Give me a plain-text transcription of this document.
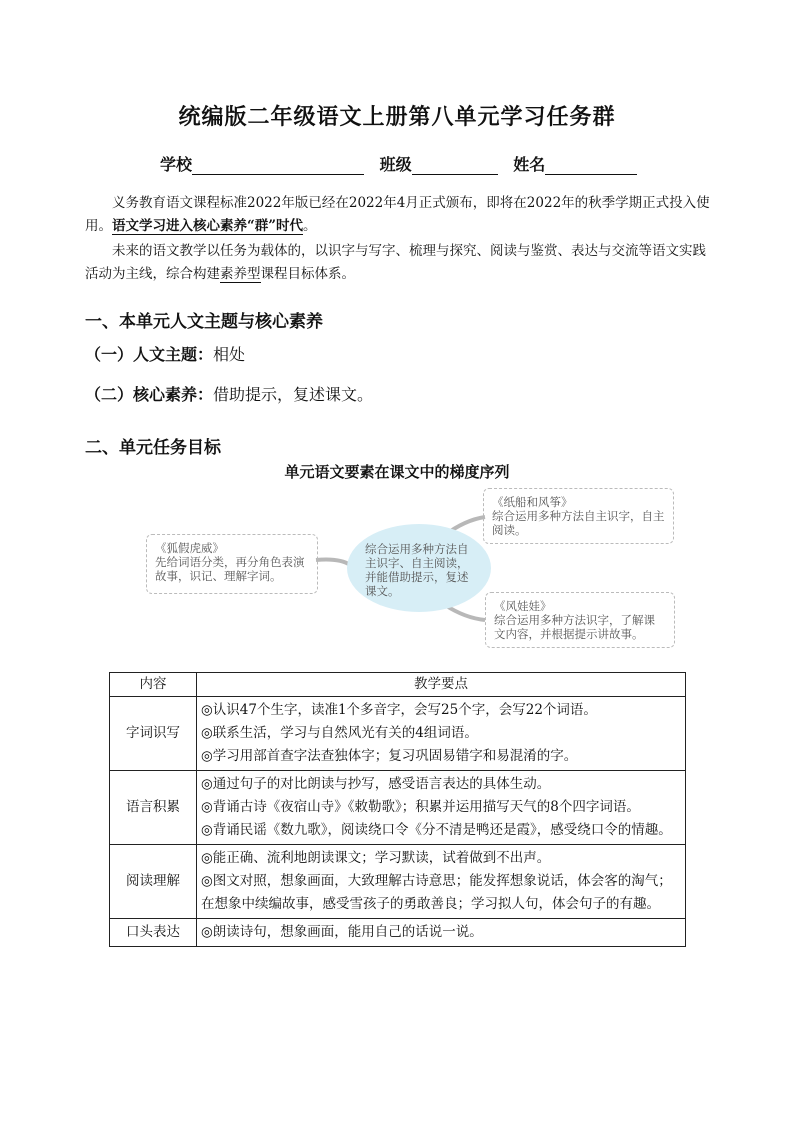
统编版二年级语文上册第八单元学习任务群
学校	班级	姓名

义务教育语文课程标准2022年版已经在2022年4月正式颁布，即将在2022年的秋季学期正式投入使用。语文学习进入核心素养“群”时代。

未来的语文教学以任务为载体的，以识字与写字、梳理与探究、阅读与鉴赏、表达与交流等语文实践活动为主线，综合构建素养型课程目标体系。

一、本单元人文主题与核心素养
（一）人文主题：相处
（二）核心素养：借助提示，复述课文。
二、单元任务目标
单元语文要素在课文中的梯度序列
《狐假虎威》
先给词语分类，再分角色表演故事，识记、理解字词。
综合运用多种方法自主识字、自主阅读，并能借助提示，复述课文。
《纸船和风筝》
综合运用多种方法自主识字，自主阅读。
《风娃娃》
综合运用多种方法识字，了解课文内容，并根据提示讲故事。
内容	教学要点
字词识写	◎认识47个生字，读准1个多音字，会写25个字，会写22个词语。
◎联系生活，学习与自然风光有关的4组词语。
◎学习用部首查字法查独体字；复习巩固易错字和易混淆的字。

语言积累	◎通过句子的对比朗读与抄写，感受语言表达的具体生动。
◎背诵古诗《夜宿山寺》《敕勒歌》；积累并运用描写天气的8个四字词语。
◎背诵民谣《数九歌》，阅读绕口令《分不清是鸭还是霞》，感受绕口令的情趣。

阅读理解	◎能正确、流利地朗读课文；学习默读，试着做到不出声。
◎图文对照，想象画面，大致理解古诗意思；能发挥想象说话，体会客的淘气；在想象中续编故事，感受雪孩子的勇敢善良；学习拟人句，体会句子的有趣。

口头表达	◎朗读诗句，想象画面，能用自己的话说一说。
